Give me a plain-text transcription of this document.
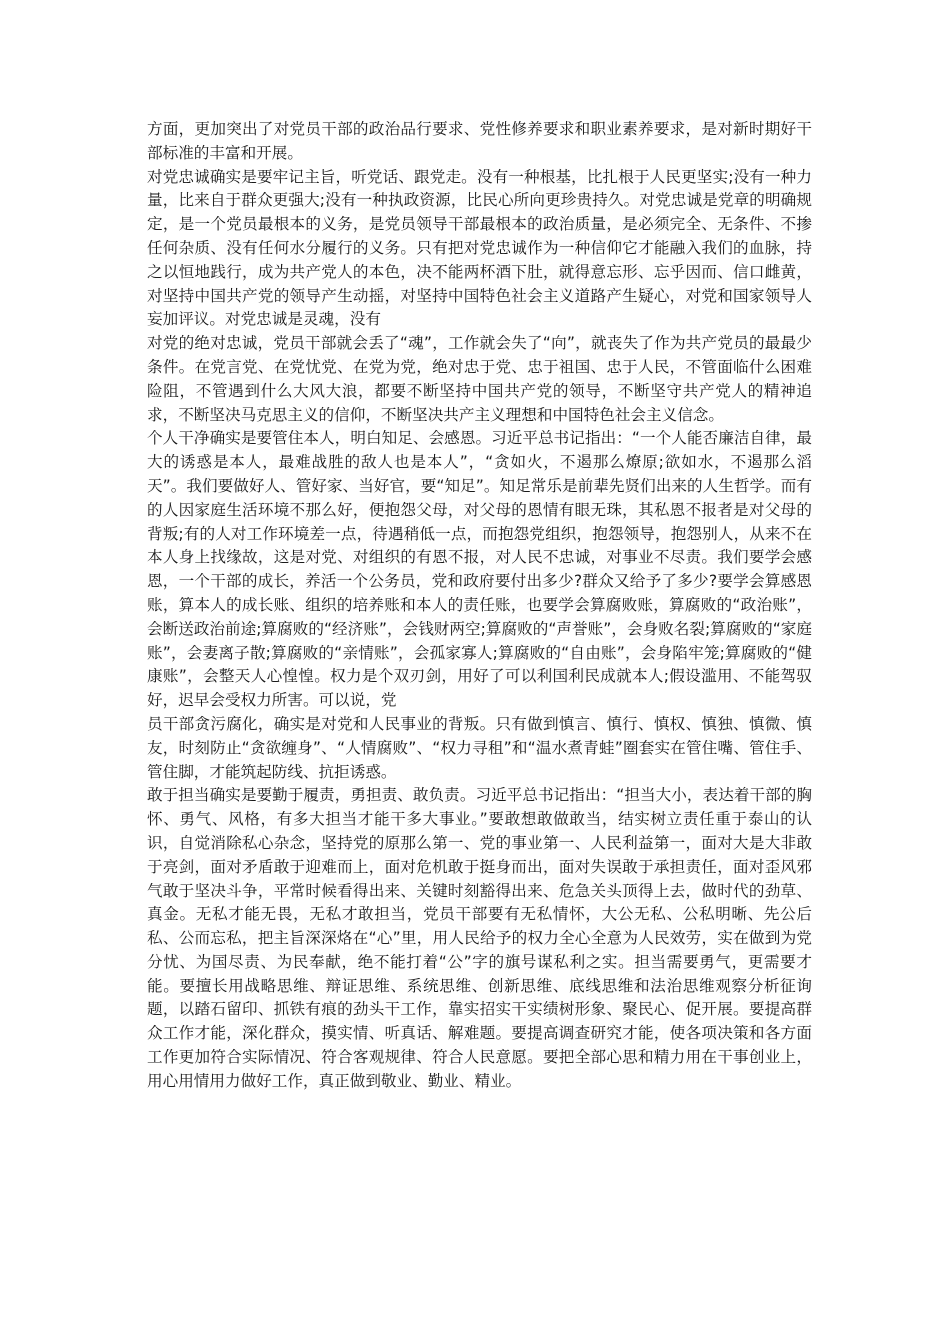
方面，更加突出了对党员干部的政治品行要求、党性修养要求和职业素养要求，是对新时期好干部标准的丰富和开展。

对党忠诚确实是要牢记主旨，听党话、跟党走。没有一种根基，比扎根于人民更坚实;没有一种力量，比来自于群众更强大;没有一种执政资源，比民心所向更珍贵持久。对党忠诚是党章的明确规定，是一个党员最根本的义务，是党员领导干部最根本的政治质量，是必须完全、无条件、不掺任何杂质、没有任何水分履行的义务。只有把对党忠诚作为一种信仰它才能融入我们的血脉，持之以恒地践行，成为共产党人的本色，决不能两杯酒下肚，就得意忘形、忘乎因而、信口雌黄，对坚持中国共产党的领导产生动摇，对坚持中国特色社会主义道路产生疑心，对党和国家领导人妄加评议。对党忠诚是灵魂，没有

对党的绝对忠诚，党员干部就会丢了“魂”，工作就会失了“向”，就丧失了作为共产党员的最最少条件。在党言党、在党忧党、在党为党，绝对忠于党、忠于祖国、忠于人民，不管面临什么困难险阻，不管遇到什么大风大浪，都要不断坚持中国共产党的领导，不断坚守共产党人的精神追求，不断坚决马克思主义的信仰，不断坚决共产主义理想和中国特色社会主义信念。

个人干净确实是要管住本人，明白知足、会感恩。习近平总书记指出：“一个人能否廉洁自律，最大的诱惑是本人，最难战胜的敌人也是本人”，“贪如火，不遏那么燎原;欲如水，不遏那么滔天”。我们要做好人、管好家、当好官，要“知足”。知足常乐是前辈先贤们出来的人生哲学。而有的人因家庭生活环境不那么好，便抱怨父母，对父母的恩情有眼无珠，其私恩不报者是对父母的背叛;有的人对工作环境差一点，待遇稍低一点，而抱怨党组织，抱怨领导，抱怨别人，从来不在本人身上找缘故，这是对党、对组织的有恩不报，对人民不忠诚，对事业不尽责。我们要学会感恩，一个干部的成长，养活一个公务员，党和政府要付出多少?群众又给予了多少?要学会算感恩账，算本人的成长账、组织的培养账和本人的责任账，也要学会算腐败账，算腐败的“政治账”，会断送政治前途;算腐败的“经济账”，会钱财两空;算腐败的“声誉账”，会身败名裂;算腐败的“家庭账”，会妻离子散;算腐败的“亲情账”，会孤家寡人;算腐败的“自由账”，会身陷牢笼;算腐败的“健康账”，会整天人心惶惶。权力是个双刃剑，用好了可以利国利民成就本人;假设滥用、不能驾驭好，迟早会受权力所害。可以说，党

员干部贪污腐化，确实是对党和人民事业的背叛。只有做到慎言、慎行、慎权、慎独、慎微、慎友，时刻防止“贪欲缠身”、“人情腐败”、“权力寻租”和“温水煮青蛙”圈套实在管住嘴、管住手、管住脚，才能筑起防线、抗拒诱惑。

敢于担当确实是要勤于履责，勇担责、敢负责。习近平总书记指出：“担当大小，表达着干部的胸怀、勇气、风格，有多大担当才能干多大事业。”要敢想敢做敢当，结实树立责任重于泰山的认识，自觉消除私心杂念，坚持党的原那么第一、党的事业第一、人民利益第一，面对大是大非敢于亮剑，面对矛盾敢于迎难而上，面对危机敢于挺身而出，面对失误敢于承担责任，面对歪风邪气敢于坚决斗争，平常时候看得出来、关键时刻豁得出来、危急关头顶得上去，做时代的劲草、真金。无私才能无畏，无私才敢担当，党员干部要有无私情怀，大公无私、公私明晰、先公后私、公而忘私，把主旨深深烙在“心”里，用人民给予的权力全心全意为人民效劳，实在做到为党分忧、为国尽责、为民奉献，绝不能打着“公”字的旗号谋私利之实。担当需要勇气，更需要才能。要擅长用战略思维、辩证思维、系统思维、创新思维、底线思维和法治思维观察分析征询题，以踏石留印、抓铁有痕的劲头干工作，靠实招实干实绩树形象、聚民心、促开展。要提高群众工作才能，深化群众，摸实情、听真话、解难题。要提高调查研究才能，使各项决策和各方面工作更加符合实际情况、符合客观规律、符合人民意愿。要把全部心思和精力用在干事创业上，用心用情用力做好工作，真正做到敬业、勤业、精业。
